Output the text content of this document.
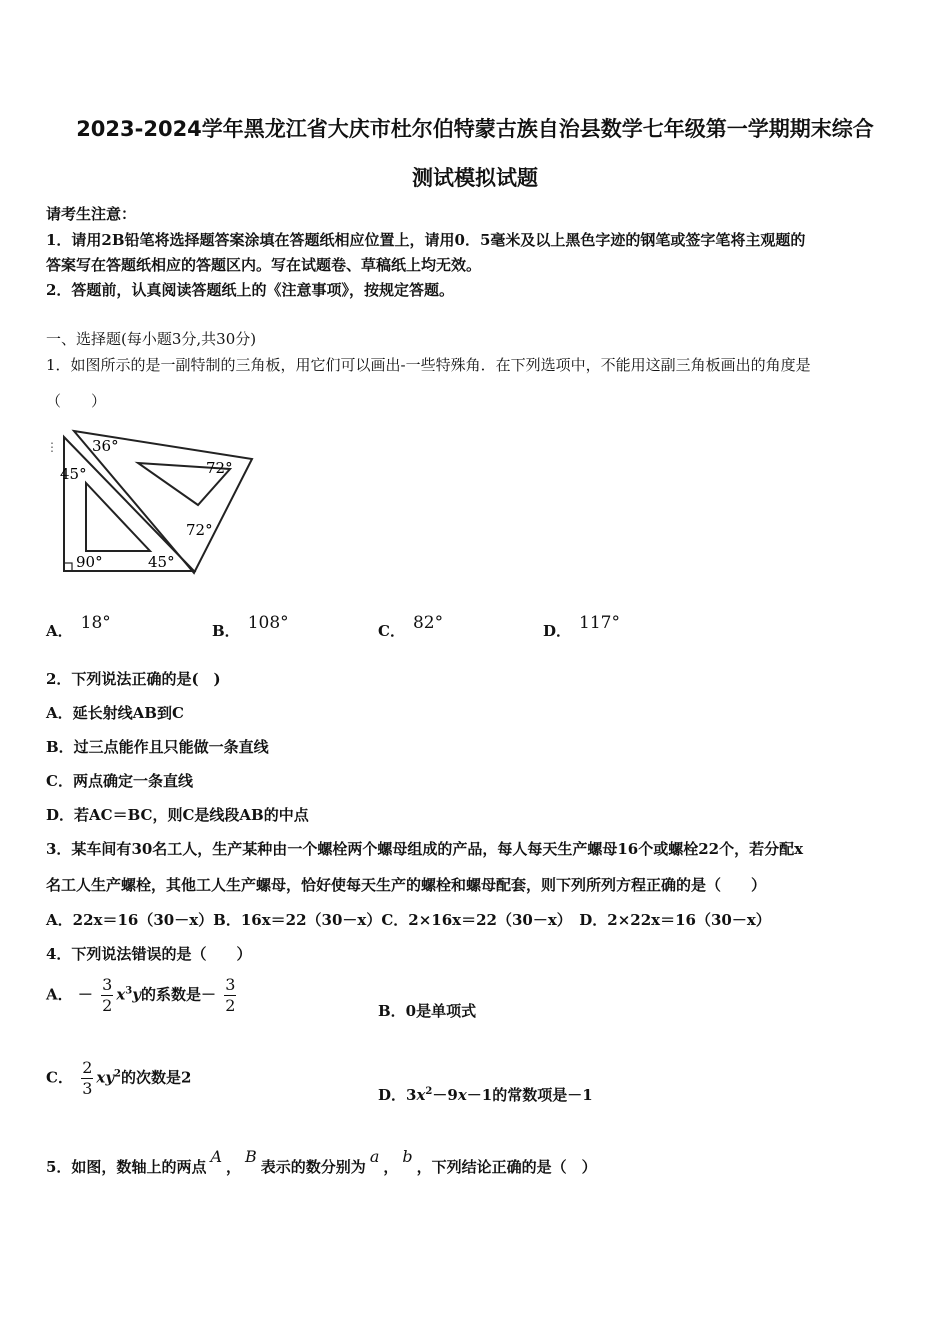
2023-2024学年黑龙江省大庆市杜尔伯特蒙古族自治县数学七年级第一学期期末综合
测试模拟试题
请考生注意：
1．请用2B铅笔将选择题答案涂填在答题纸相应位置上，请用0．5毫米及以上黑色字迹的钢笔或签字笔将主观题的
答案写在答题纸相应的答题区内。写在试题卷、草稿纸上均无效。
2．答题前，认真阅读答题纸上的《注意事项》，按规定答题。
一、选择题(每小题3分,共30分)
1．如图所示的是一副特制的三角板，用它们可以画出-一些特殊角．在下列选项中，不能用这副三角板画出的角度是
（　　）
36°
72°
72°
45°
45°
90°
⋮
A． 18°	B． 108°	C． 82°	D． 117°
2．下列说法正确的是(　)
A．延长射线AB到C
B．过三点能作且只能做一条直线
C．两点确定一条直线
D．若AC＝BC，则C是线段AB的中点
3．某车间有30名工人，生产某种由一个螺栓两个螺母组成的产品，每人每天生产螺母16个或螺栓22个，若分配x
名工人生产螺栓，其他工人生产螺母，恰好使每天生产的螺栓和螺母配套，则下列所列方程正确的是（　　）
A．22x＝16（30－x）B．16x＝22（30－x）C．2×16x＝22（30－x）　D．2×22x＝16（30－x）
4．下列说法错误的是（　　）
A． － $\frac{3}{2} x^3y$的系数是－ $\frac{3}{2}$	B．0是单项式
C． $\frac{2}{3} xy^2$的次数是2
D．$3x^2-9x-1$的常数项是－1
5．如图，数轴上的两点A，B表示的数分别为a，b，下列结论正确的是（　）
